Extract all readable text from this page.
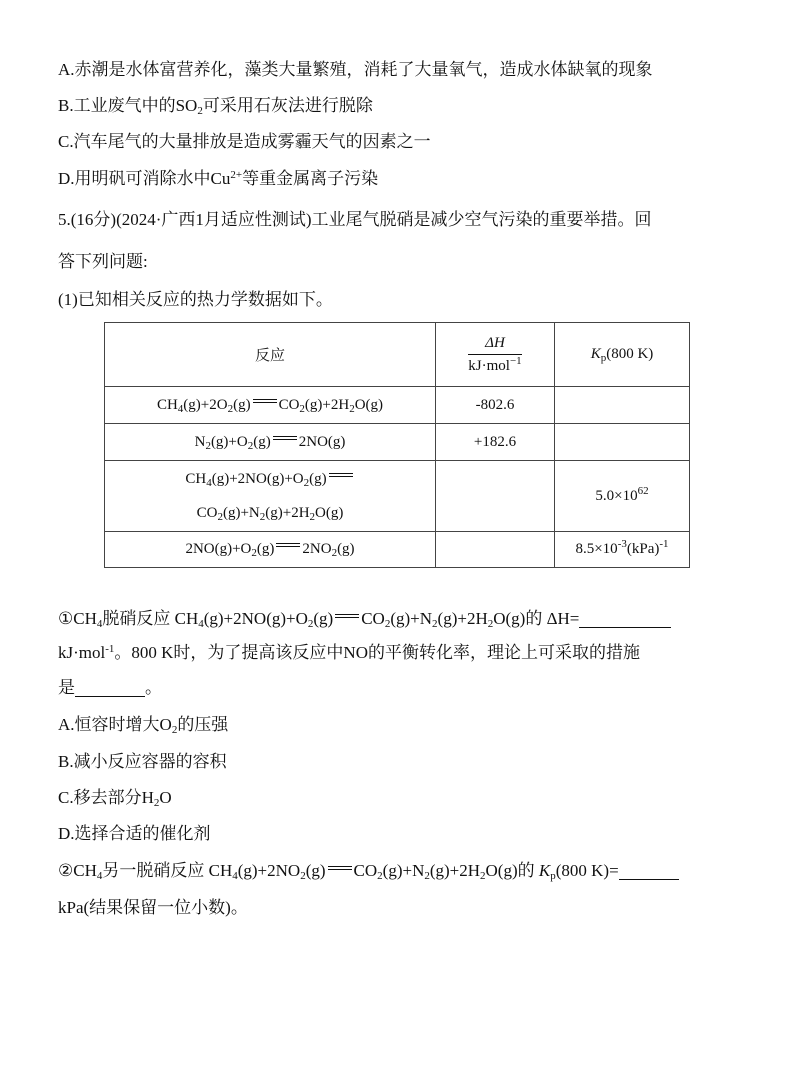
A.赤潮是水体富营养化，藻类大量繁殖，消耗了大量氧气，造成水体缺氧的现象
B.工业废气中的$SO_2$可采用石灰法进行脱除
C.汽车尾气的大量排放是造成雾霾天气的因素之一
D.用明矾可消除水中$Cu^{2+}$等重金属离子污染
5.(16分)(2024·广西1月适应性测试)工业尾气脱硝是减少空气污染的重要举措。回
答下列问题:
(1)已知相关反应的热力学数据如下。
反应	$\frac{\Delta H}{kJ\cdot mol^{-1}}$	$K_p(800$ K)
$CH_4(g)+2O_2(g)$ $CO_2(g)+2H_2O(g)$	-802.6	
$N_2(g)+O_2(g)$ 2NO(g)	+182.6	
$CH_4(g)+2NO(g)+O_2(g)$
$CO_2(g)+N_2(g)+2H_2O(g)$		$5.0\times 10^{62}$
$2NO(g)+O_2(g)$ $2NO_2(g)$		$8.5\times 10^{-3}(kPa)^{-1}$
$①CH_4$脱硝反应 $CH_4(g)+2NO(g)+O_2(g)$ $CO_2(g)+N_2(g)+2H_2O(g)$的 ΔH=
kJ·mol$^{-1}$。800 K时，为了提高该反应中NO的平衡转化率，理论上可采取的措施
是	。
A.恒容时增大$O_2$的压强
B.减小反应容器的容积
C.移去部分$H_2O$
D.选择合适的催化剂
$②CH_4$另一脱硝反应 $CH_4(g)+2NO_2(g)$ $CO_2(g)+N_2(g)+2H_2O(g)$的 $K_p(800$ K)=
kPa(结果保留一位小数)。
